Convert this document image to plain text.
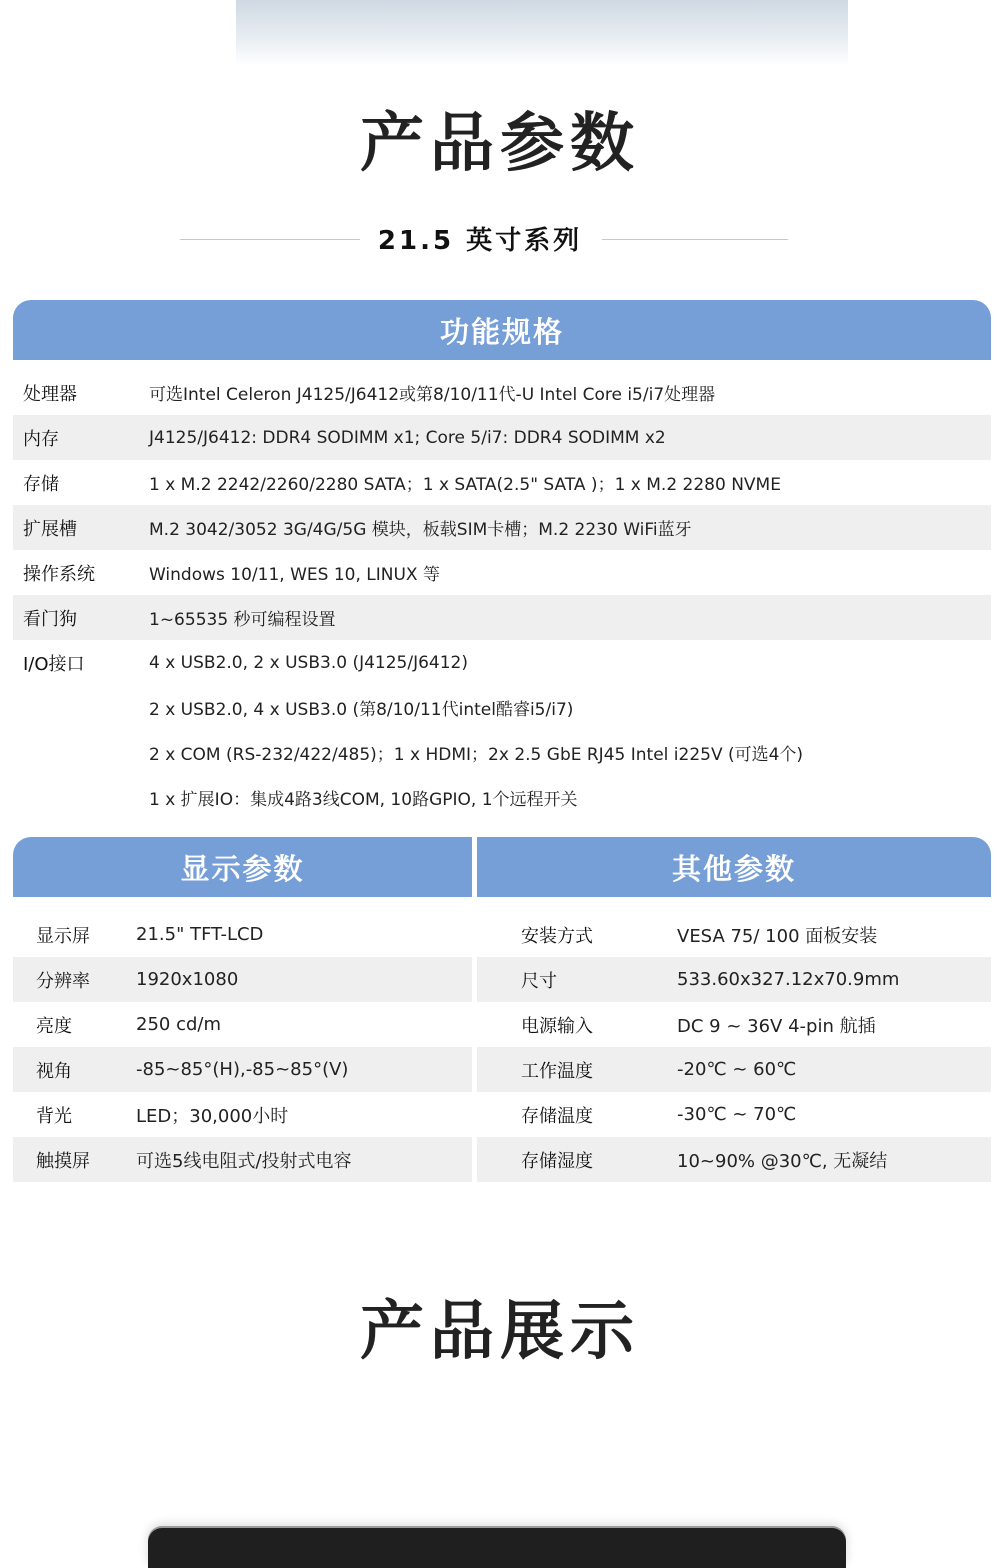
产品参数
21.5 英寸系列
功能规格
处理器	可选Intel Celeron J4125/J6412或第8/10/11代-U Intel Core i5/i7处理器
内存	J4125/J6412: DDR4 SODIMM x1; Core 5/i7: DDR4 SODIMM x2
存储	1 x M.2 2242/2260/2280 SATA；1 x SATA(2.5" SATA )；1 x M.2 2280 NVME
扩展槽	M.2 3042/3052 3G/4G/5G 模块，板载SIM卡槽；M.2 2230 WiFi蓝牙
操作系统	Windows 10/11, WES 10, LINUX 等
看门狗	1~65535 秒可编程设置
I/O接口	4 x USB2.0, 2 x USB3.0 (J4125/J6412)
2 x USB2.0, 4 x USB3.0 (第8/10/11代intel酷睿i5/i7)
2 x COM (RS-232/422/485)；1 x HDMI；2x 2.5 GbE RJ45 Intel i225V (可选4个)
1 x 扩展IO：集成4路3线COM, 10路GPIO, 1个远程开关
显示参数	其他参数
显示屏	21.5" TFT-LCD
分辨率	1920x1080
亮度	250 cd/m
视角	-85~85°(H),-85~85°(V)
背光	LED；30,000小时
触摸屏	可选5线电阻式/投射式电容
安装方式	VESA 75/ 100 面板安装
尺寸	533.60x327.12x70.9mm
电源输入	DC 9 ~ 36V 4-pin 航插
工作温度	-20℃ ~ 60℃
存储温度	-30℃ ~ 70℃
存储湿度	10~90% @30℃, 无凝结
产品展示
